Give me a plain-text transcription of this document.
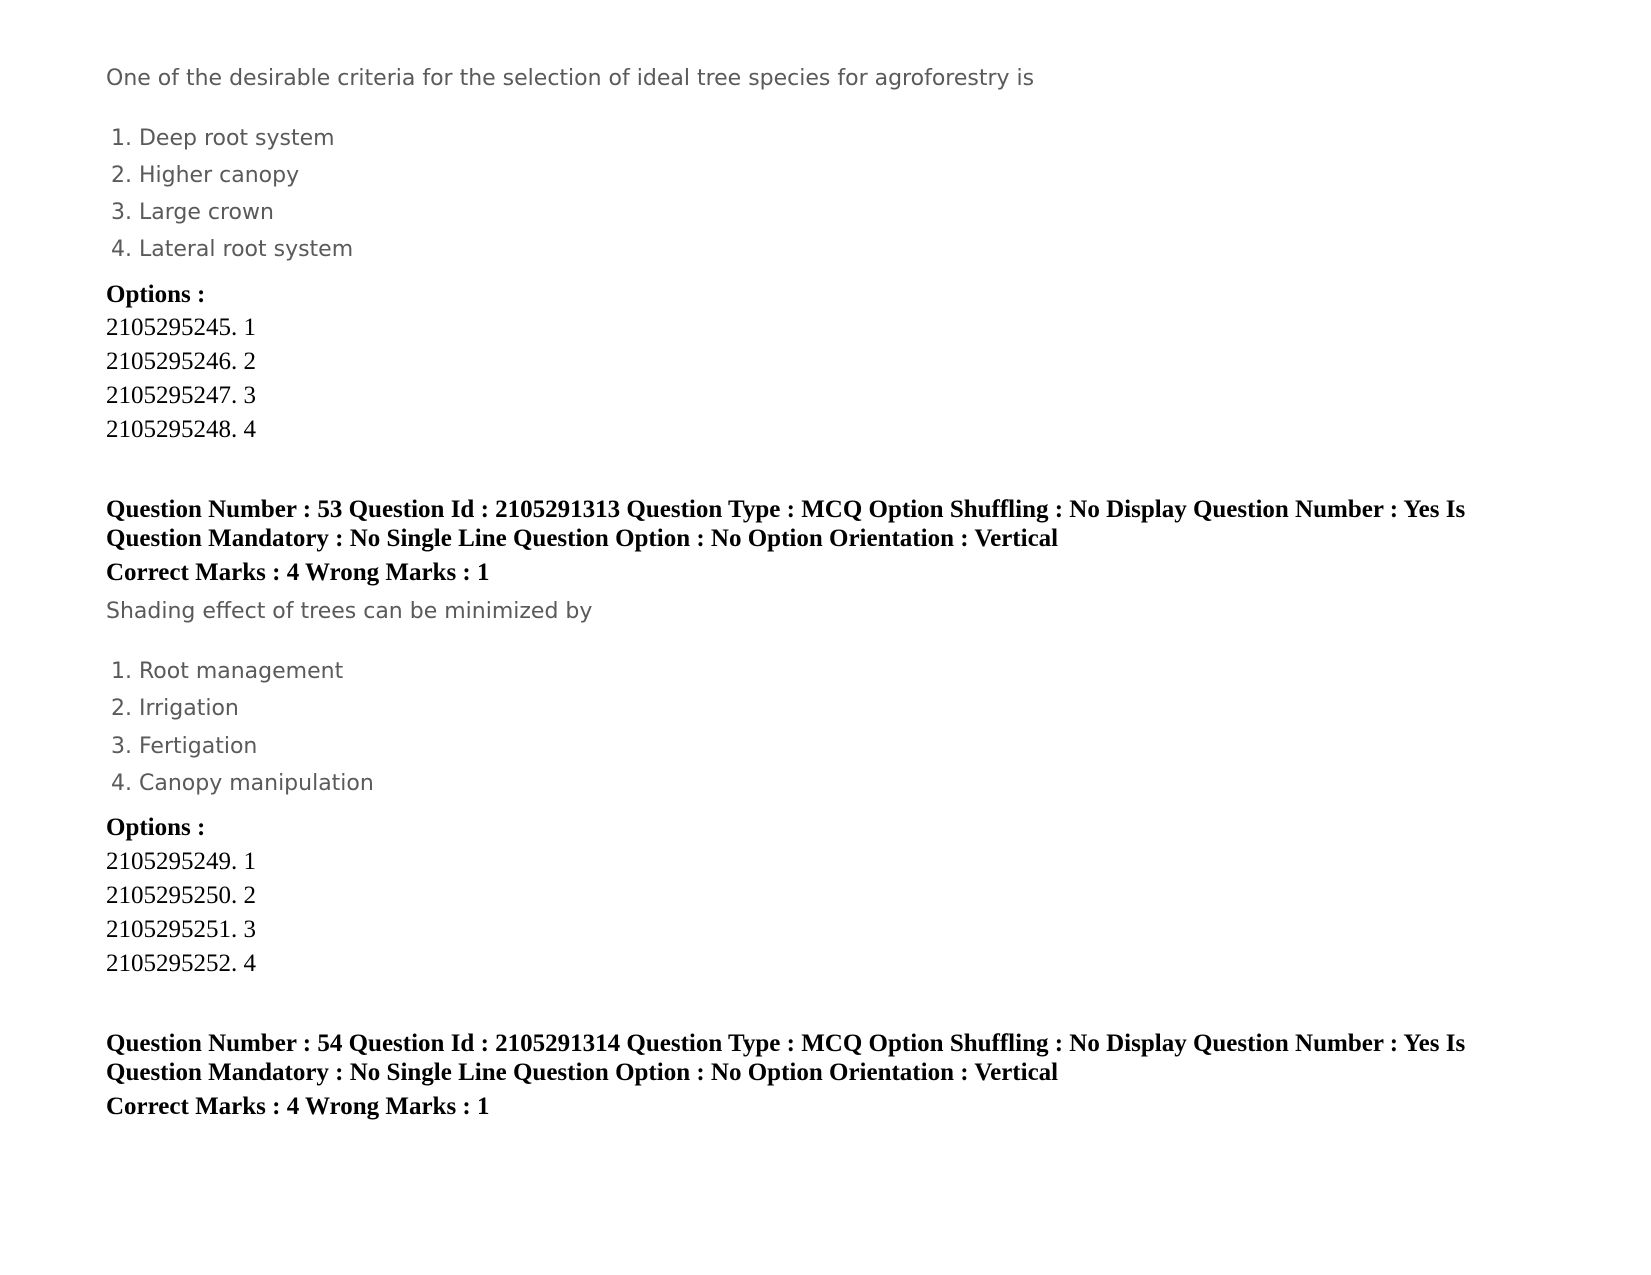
One of the desirable criteria for the selection of ideal tree species for agroforestry is
1. Deep root system
2. Higher canopy
3. Large crown
4. Lateral root system
Options :
2105295245. 1
2105295246. 2
2105295247. 3
2105295248. 4
Question Number : 53 Question Id : 2105291313 Question Type : MCQ Option Shuffling : No Display Question Number : Yes Is Question Mandatory : No Single Line Question Option : No Option Orientation : Vertical
Correct Marks : 4 Wrong Marks : 1
Shading effect of trees can be minimized by
1. Root management
2. Irrigation
3. Fertigation
4. Canopy manipulation
Options :
2105295249. 1
2105295250. 2
2105295251. 3
2105295252. 4
Question Number : 54 Question Id : 2105291314 Question Type : MCQ Option Shuffling : No Display Question Number : Yes Is Question Mandatory : No Single Line Question Option : No Option Orientation : Vertical
Correct Marks : 4 Wrong Marks : 1
